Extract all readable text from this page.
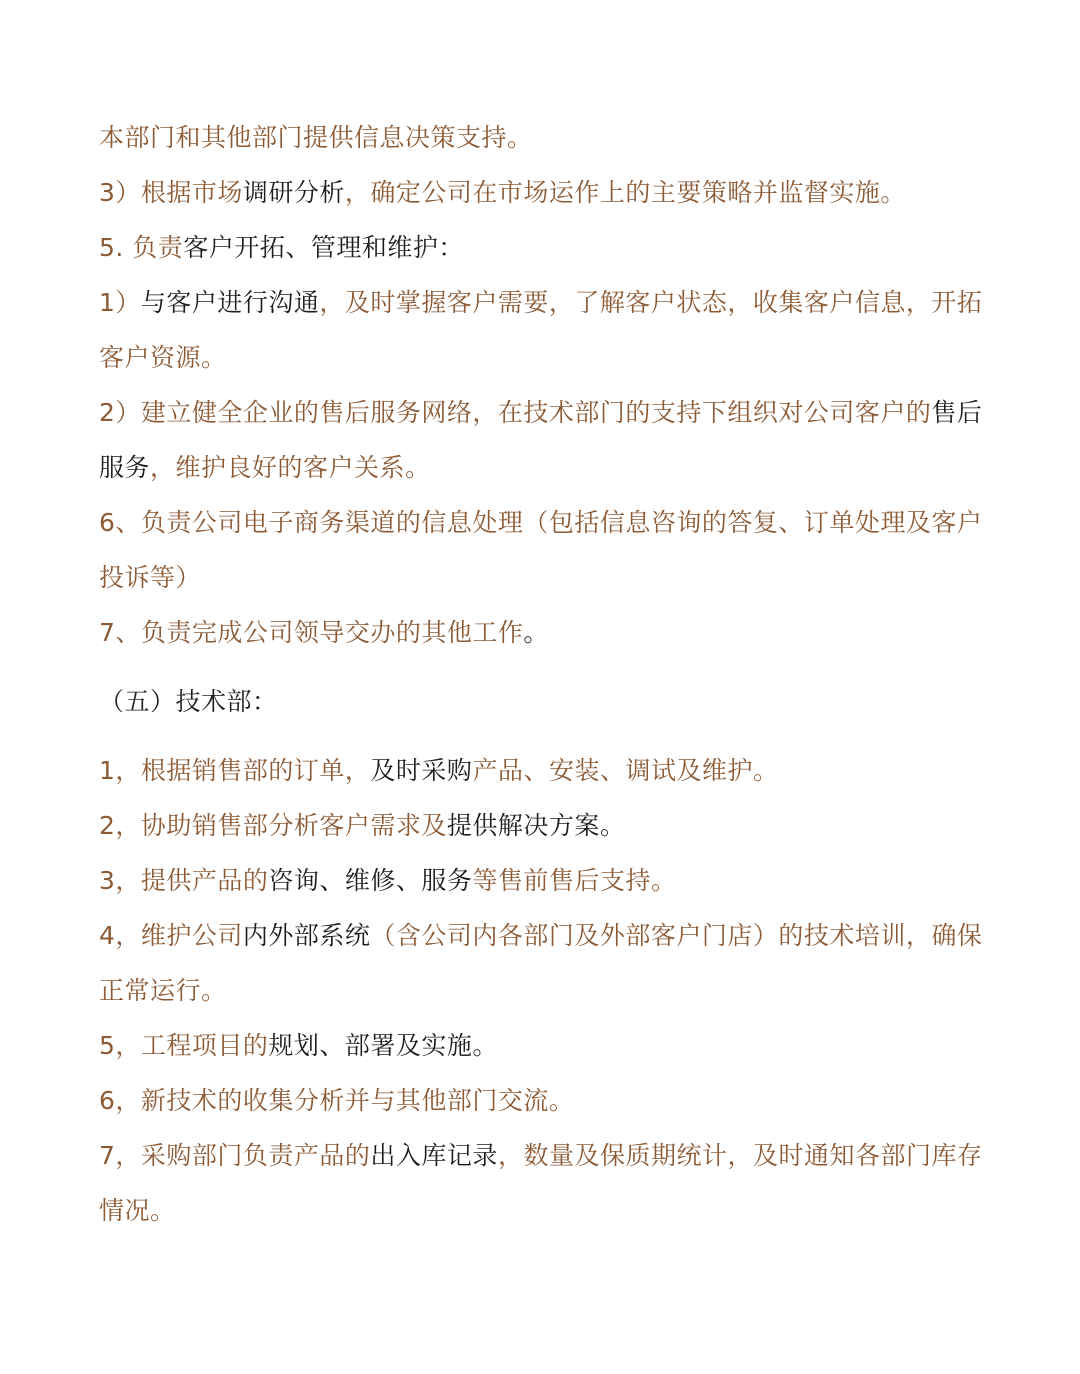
本部门和其他部门提供信息决策支持。
3）根据市场调研分析，确定公司在市场运作上的主要策略并监督实施。
5. 负责客户开拓、管理和维护：
1）与客户进行沟通，及时掌握客户需要，了解客户状态，收集客户信息，开拓
客户资源。
2）建立健全企业的售后服务网络，在技术部门的支持下组织对公司客户的售后
服务，维护良好的客户关系。
6、负责公司电子商务渠道的信息处理（包括信息咨询的答复、订单处理及客户
投诉等）
7、负责完成公司领导交办的其他工作。
（五）技术部：
1，根据销售部的订单，及时采购产品、安装、调试及维护。
2，协助销售部分析客户需求及提供解决方案。
3，提供产品的咨询、维修、服务等售前售后支持。
4，维护公司内外部系统（含公司内各部门及外部客户门店）的技术培训，确保
正常运行。
5，工程项目的规划、部署及实施。
6，新技术的收集分析并与其他部门交流。
7，采购部门负责产品的出入库记录，数量及保质期统计，及时通知各部门库存
情况。
